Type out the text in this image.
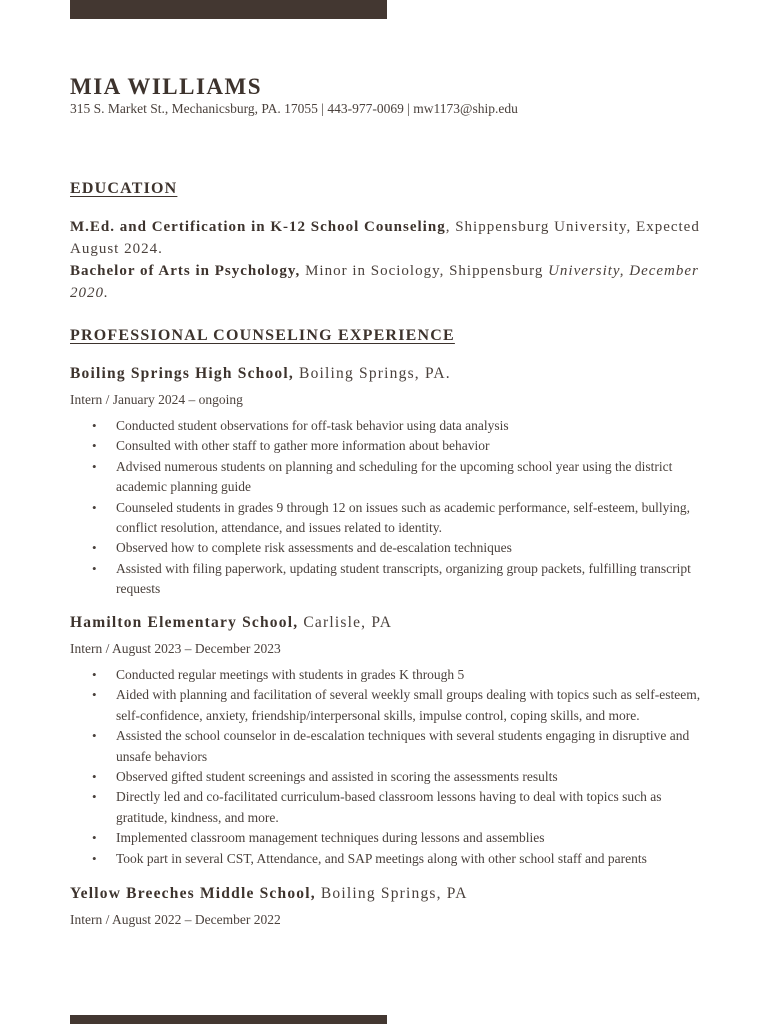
MIA WILLIAMS
315 S. Market St., Mechanicsburg, PA. 17055 | 443-977-0069 | mw1173@ship.edu
EDUCATION
M.Ed. and Certification in K-12 School Counseling, Shippensburg University, Expected August 2024.
Bachelor of Arts in Psychology, Minor in Sociology, Shippensburg University, December 2020.
PROFESSIONAL COUNSELING EXPERIENCE
Boiling Springs High School, Boiling Springs, PA.
Intern / January 2024 – ongoing
• Conducted student observations for off-task behavior using data analysis
• Consulted with other staff to gather more information about behavior
• Advised numerous students on planning and scheduling for the upcoming school year using the district academic planning guide
• Counseled students in grades 9 through 12 on issues such as academic performance, self-esteem, bullying, conflict resolution, attendance, and issues related to identity.
• Observed how to complete risk assessments and de-escalation techniques
• Assisted with filing paperwork, updating student transcripts, organizing group packets, fulfilling transcript requests
Hamilton Elementary School, Carlisle, PA
Intern / August 2023 – December 2023
• Conducted regular meetings with students in grades K through 5
• Aided with planning and facilitation of several weekly small groups dealing with topics such as self-esteem, self-confidence, anxiety, friendship/interpersonal skills, impulse control, coping skills, and more.
• Assisted the school counselor in de-escalation techniques with several students engaging in disruptive and unsafe behaviors
• Observed gifted student screenings and assisted in scoring the assessments results
• Directly led and co-facilitated curriculum-based classroom lessons having to deal with topics such as gratitude, kindness, and more.
• Implemented classroom management techniques during lessons and assemblies
• Took part in several CST, Attendance, and SAP meetings along with other school staff and parents
Yellow Breeches Middle School, Boiling Springs, PA
Intern / August 2022 – December 2022
